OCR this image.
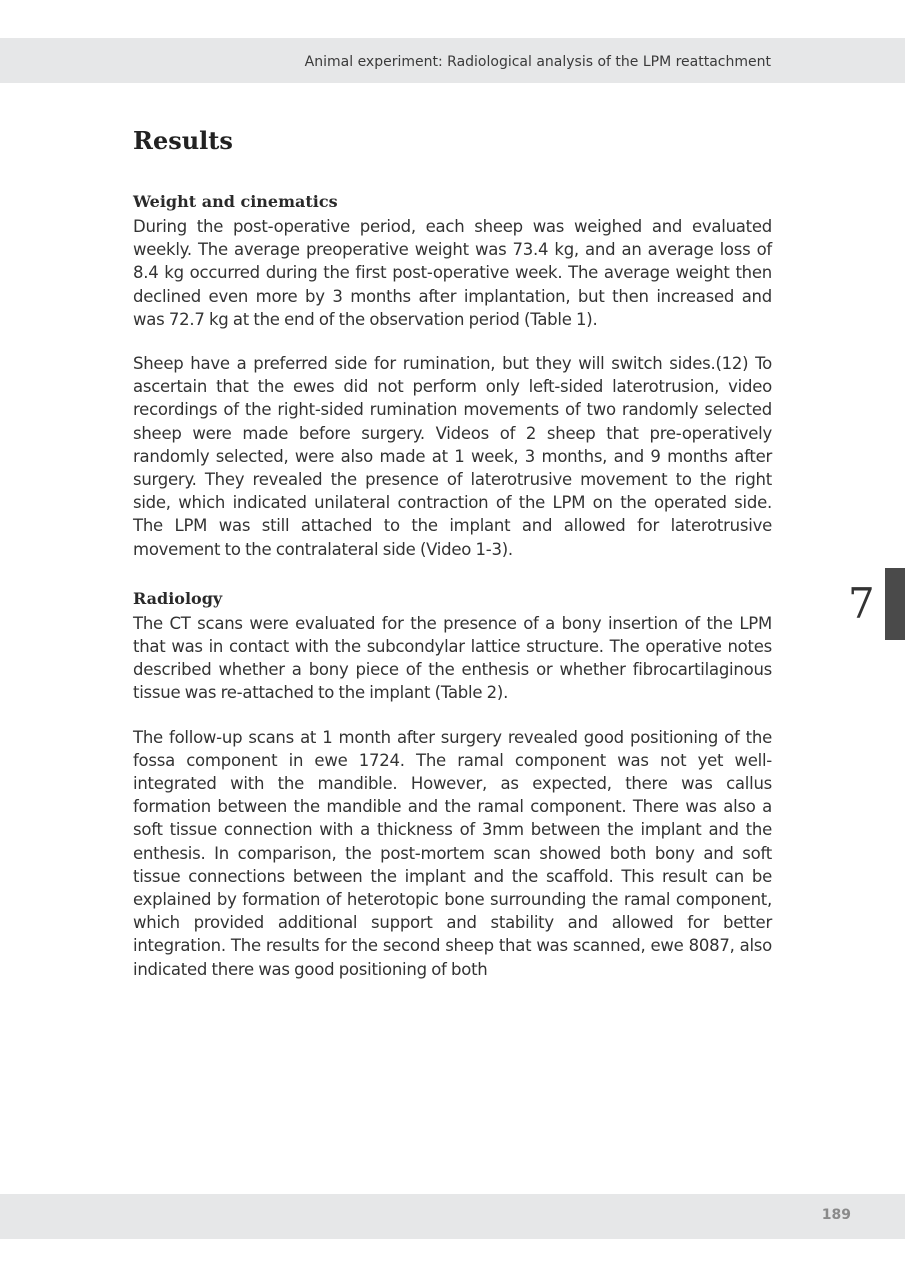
Animal experiment: Radiological analysis of the LPM reattachment
Results
Weight and cinematics

During the post-operative period, each sheep was weighed and evaluated weekly. The average preoperative weight was 73.4 kg, and an average loss of 8.4 kg occurred during the first post-operative week. The average weight then declined even more by 3 months after implantation, but then increased and was 72.7 kg at the end of the observation period (Table 1).

Sheep have a preferred side for rumination, but they will switch sides.(12) To ascertain that the ewes did not perform only left-sided laterotrusion, video recordings of the right-sided rumination movements of two randomly selected sheep were made before surgery. Videos of 2 sheep that pre-operatively randomly selected, were also made at 1 week, 3 months, and 9 months after surgery. They revealed the presence of laterotrusive movement to the right side, which indicated unilateral contraction of the LPM on the operated side. The LPM was still attached to the implant and allowed for laterotrusive movement to the contralateral side (Video 1-3).

Radiology

The CT scans were evaluated for the presence of a bony insertion of the LPM that was in contact with the subcondylar lattice structure. The operative notes described whether a bony piece of the enthesis or whether fibrocartilaginous tissue was re-attached to the implant (Table 2).

The follow-up scans at 1 month after surgery revealed good positioning of the fossa component in ewe 1724. The ramal component was not yet well-integrated with the mandible. However, as expected, there was callus formation between the mandible and the ramal component. There was also a soft tissue connection with a thickness of 3mm between the implant and the enthesis. In comparison, the post-mortem scan showed both bony and soft tissue connections between the implant and the scaffold. This result can be explained by formation of heterotopic bone surrounding the ramal component, which provided additional support and stability and allowed for better integration. The results for the second sheep that was scanned, ewe 8087, also indicated there was good positioning of both

7
189
